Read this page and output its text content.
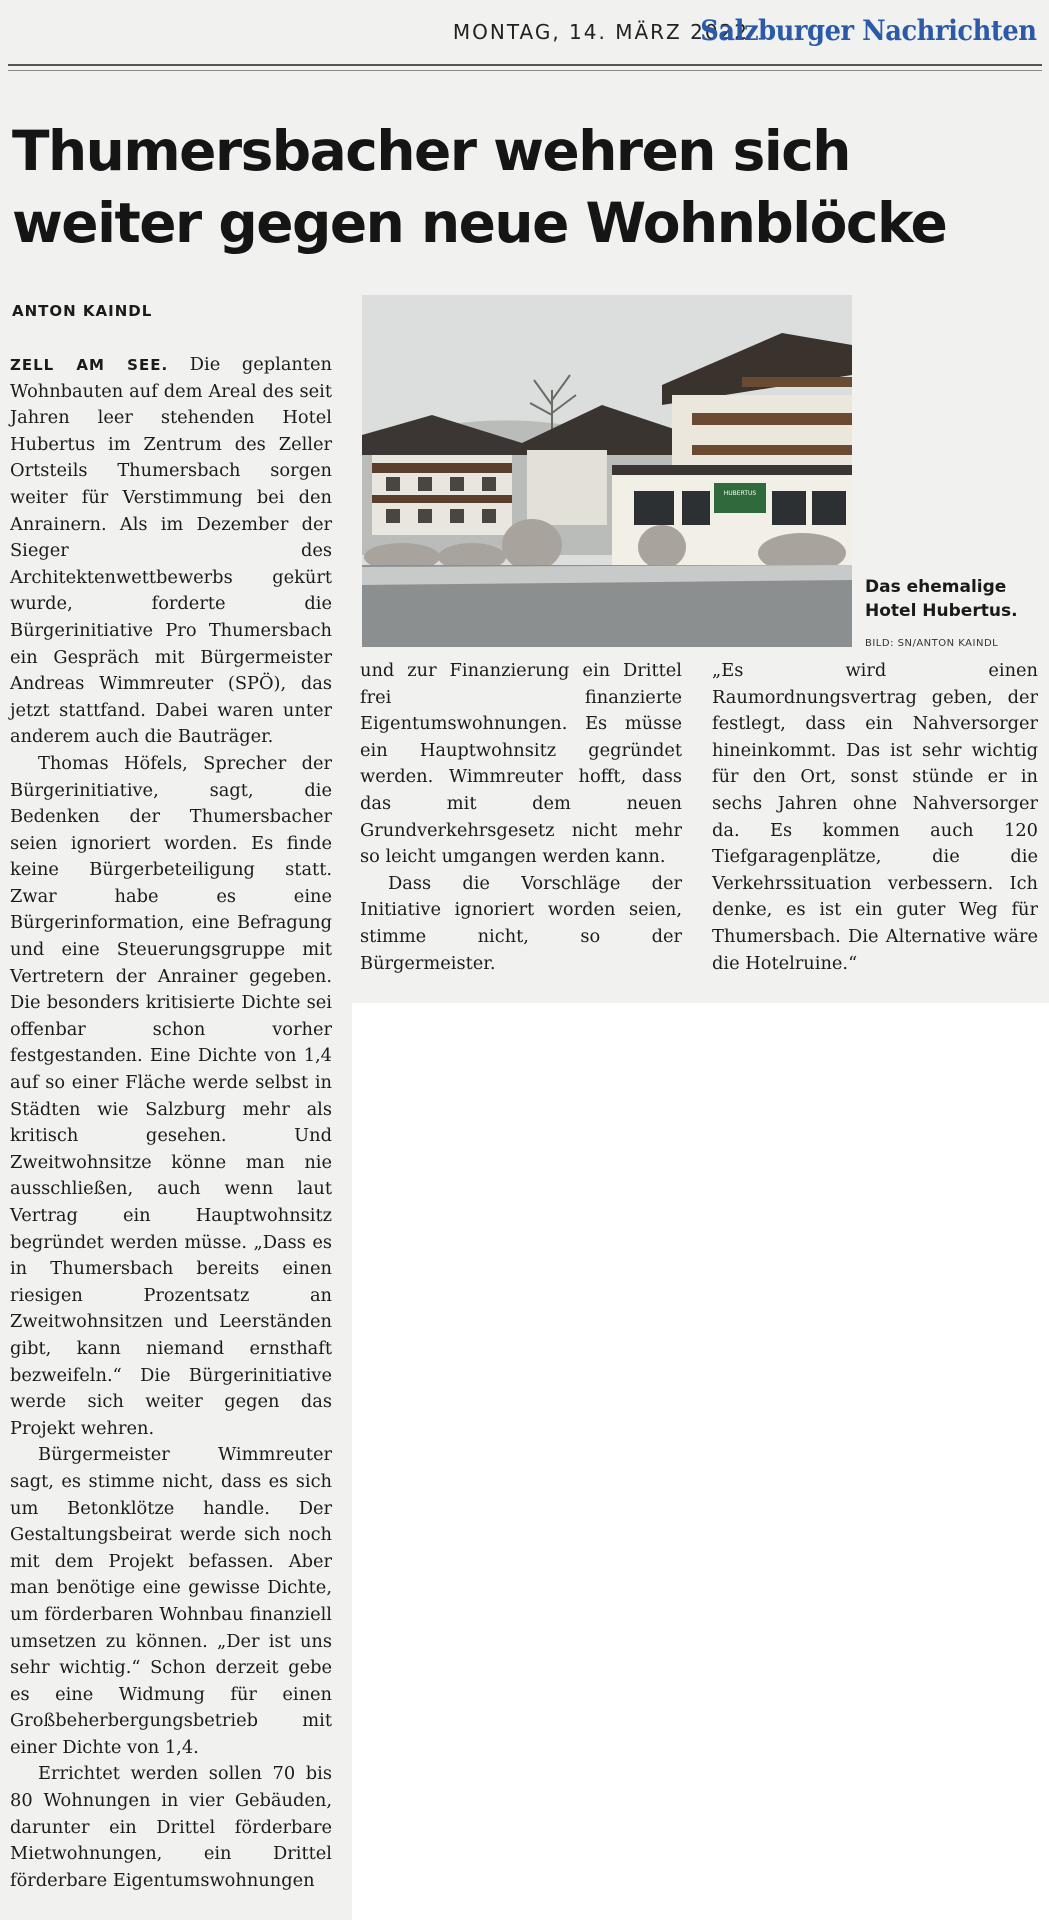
MONTAG, 14. MÄRZ 2022
Salzburger Nachrichten
Thumersbacher wehren sich
weiter gegen neue Wohnblöcke
ANTON KAINDL

ZELL AM SEE. Die geplanten Wohnbauten auf dem Areal des seit Jahren leer stehenden Hotel Hubertus im Zentrum des Zeller Ortsteils Thumersbach sorgen weiter für Verstimmung bei den Anrainern. Als im Dezember der Sieger des Architektenwettbewerbs gekürt wurde, forderte die Bürgerinitiative Pro Thumersbach ein Gespräch mit Bürgermeister Andreas Wimmreuter (SPÖ), das jetzt stattfand. Dabei waren unter anderem auch die Bauträger.

Thomas Höfels, Sprecher der Bürgerinitiative, sagt, die Bedenken der Thumersbacher seien ignoriert worden. Es finde keine Bürgerbeteiligung statt. Zwar habe es eine Bürgerinformation, eine Befragung und eine Steuerungsgruppe mit Vertretern der Anrainer gegeben. Die besonders kritisierte Dichte sei offenbar schon vorher festgestanden. Eine Dichte von 1,4 auf so einer Fläche werde selbst in Städten wie Salzburg mehr als kritisch gesehen. Und Zweitwohnsitze könne man nie ausschließen, auch wenn laut Vertrag ein Hauptwohnsitz begründet werden müsse. „Dass es in Thumersbach bereits einen riesigen Prozentsatz an Zweitwohnsitzen und Leerständen gibt, kann niemand ernsthaft bezweifeln.“ Die Bürgerinitiative werde sich weiter gegen das Projekt wehren.

Bürgermeister Wimmreuter sagt, es stimme nicht, dass es sich um Betonklötze handle. Der Gestaltungsbeirat werde sich noch mit dem Projekt befassen. Aber man benötige eine gewisse Dichte, um förderbaren Wohnbau finanziell umsetzen zu können. „Der ist uns sehr wichtig.“ Schon derzeit gebe es eine Widmung für einen Großbeherbergungsbetrieb mit einer Dichte von 1,4.

Errichtet werden sollen 70 bis 80 Wohnungen in vier Gebäuden, darunter ein Drittel förderbare Mietwohnungen, ein Drittel förderbare Eigentumswohnungen

HUBERTUS
Das ehemalige
Hotel Hubertus.
BILD: SN/ANTON KAINDL

und zur Finanzierung ein Drittel frei finanzierte Eigentumswohnungen. Es müsse ein Hauptwohnsitz gegründet werden. Wimmreuter hofft, dass das mit dem neuen Grundverkehrsgesetz nicht mehr so leicht umgangen werden kann.

Dass die Vorschläge der Initiative ignoriert worden seien, stimme nicht, so der Bürgermeister.

„Es wird einen Raumordnungsvertrag geben, der festlegt, dass ein Nahversorger hineinkommt. Das ist sehr wichtig für den Ort, sonst stünde er in sechs Jahren ohne Nahversorger da. Es kommen auch 120 Tiefgaragenplätze, die die Verkehrssituation verbessern. Ich denke, es ist ein guter Weg für Thumersbach. Die Alternative wäre die Hotelruine.“
